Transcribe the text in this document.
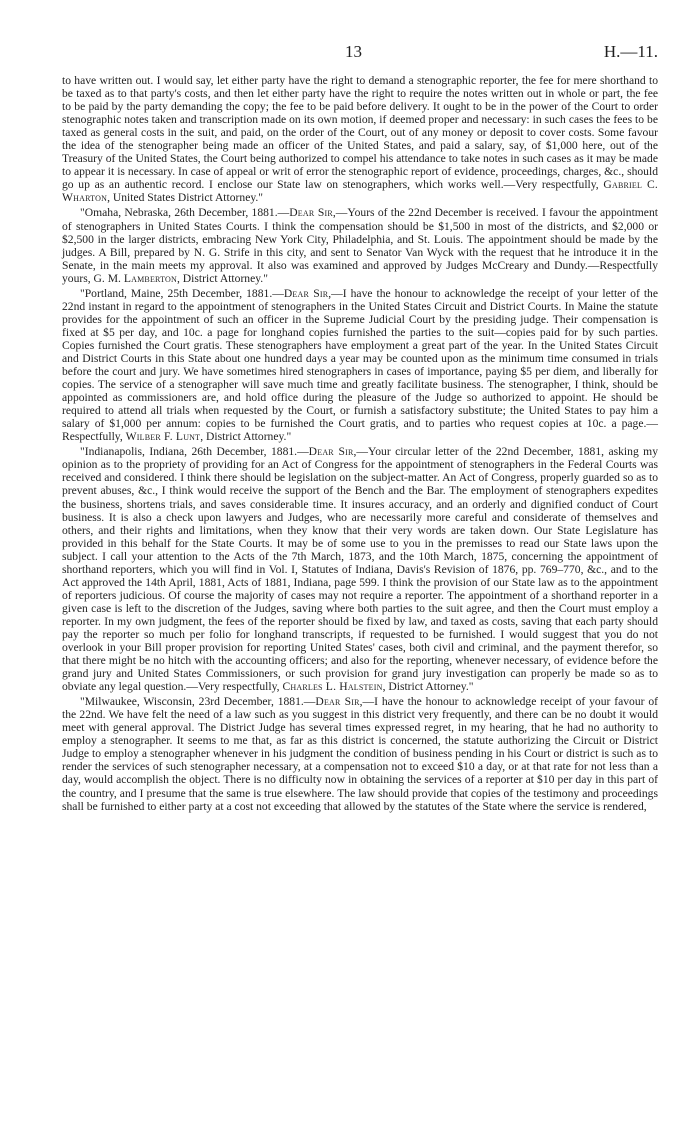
13	H.—11.

to have written out. I would say, let either party have the right to demand a stenographic reporter, the fee for mere shorthand to be taxed as to that party's costs, and then let either party have the right to require the notes written out in whole or part, the fee to be paid by the party demanding the copy; the fee to be paid before delivery. It ought to be in the power of the Court to order stenographic notes taken and transcription made on its own motion, if deemed proper and necessary: in such cases the fees to be taxed as general costs in the suit, and paid, on the order of the Court, out of any money or deposit to cover costs. Some favour the idea of the stenographer being made an officer of the United States, and paid a salary, say, of $1,000 here, out of the Treasury of the United States, the Court being authorized to compel his attendance to take notes in such cases as it may be made to appear it is necessary. In case of appeal or writ of error the stenographic report of evidence, proceedings, charges, &c., should go up as an authentic record. I enclose our State law on stenographers, which works well.—Very respectfully, Gabriel C. Wharton, United States District Attorney."

"Omaha, Nebraska, 26th December, 1881.—Dear Sir,—Yours of the 22nd December is received. I favour the appointment of stenographers in United States Courts. I think the compensation should be $1,500 in most of the districts, and $2,000 or $2,500 in the larger districts, embracing New York City, Philadelphia, and St. Louis. The appointment should be made by the judges. A Bill, prepared by N. G. Strife in this city, and sent to Senator Van Wyck with the request that he introduce it in the Senate, in the main meets my approval. It also was examined and approved by Judges McCreary and Dundy.—Respectfully yours, G. M. Lamberton, District Attorney."

"Portland, Maine, 25th December, 1881.—Dear Sir,—I have the honour to acknowledge the receipt of your letter of the 22nd instant in regard to the appointment of stenographers in the United States Circuit and District Courts. In Maine the statute provides for the appointment of such an officer in the Supreme Judicial Court by the presiding judge. Their compensation is fixed at $5 per day, and 10c. a page for longhand copies furnished the parties to the suit—copies paid for by such parties. Copies furnished the Court gratis. These stenographers have employment a great part of the year. In the United States Circuit and District Courts in this State about one hundred days a year may be counted upon as the minimum time consumed in trials before the court and jury. We have sometimes hired stenographers in cases of importance, paying $5 per diem, and liberally for copies. The service of a stenographer will save much time and greatly facilitate business. The stenographer, I think, should be appointed as commissioners are, and hold office during the pleasure of the Judge so authorized to appoint. He should be required to attend all trials when requested by the Court, or furnish a satisfactory substitute; the United States to pay him a salary of $1,000 per annum: copies to be furnished the Court gratis, and to parties who request copies at 10c. a page.—Respectfully, Wilber F. Lunt, District Attorney."

"Indianapolis, Indiana, 26th December, 1881.—Dear Sir,—Your circular letter of the 22nd December, 1881, asking my opinion as to the propriety of providing for an Act of Congress for the appointment of stenographers in the Federal Courts was received and considered. I think there should be legislation on the subject-matter. An Act of Congress, properly guarded so as to prevent abuses, &c., I think would receive the support of the Bench and the Bar. The employment of stenographers expedites the business, shortens trials, and saves considerable time. It insures accuracy, and an orderly and dignified conduct of Court business. It is also a check upon lawyers and Judges, who are necessarily more careful and considerate of themselves and others, and their rights and limitations, when they know that their very words are taken down. Our State Legislature has provided in this behalf for the State Courts. It may be of some use to you in the premisses to read our State laws upon the subject. I call your attention to the Acts of the 7th March, 1873, and the 10th March, 1875, concerning the appointment of shorthand reporters, which you will find in Vol. I, Statutes of Indiana, Davis's Revision of 1876, pp. 769–770, &c., and to the Act approved the 14th April, 1881, Acts of 1881, Indiana, page 599. I think the provision of our State law as to the appointment of reporters judicious. Of course the majority of cases may not require a reporter. The appointment of a shorthand reporter in a given case is left to the discretion of the Judges, saving where both parties to the suit agree, and then the Court must employ a reporter. In my own judgment, the fees of the reporter should be fixed by law, and taxed as costs, saving that each party should pay the reporter so much per folio for longhand transcripts, if requested to be furnished. I would suggest that you do not overlook in your Bill proper provision for reporting United States' cases, both civil and criminal, and the payment therefor, so that there might be no hitch with the accounting officers; and also for the reporting, whenever necessary, of evidence before the grand jury and United States Commissioners, or such provision for grand jury investigation can properly be made so as to obviate any legal question.—Very respectfully, Charles L. Halstein, District Attorney."

"Milwaukee, Wisconsin, 23rd December, 1881.—Dear Sir,—I have the honour to acknowledge receipt of your favour of the 22nd. We have felt the need of a law such as you suggest in this district very frequently, and there can be no doubt it would meet with general approval. The District Judge has several times expressed regret, in my hearing, that he had no authority to employ a stenographer. It seems to me that, as far as this district is concerned, the statute authorizing the Circuit or District Judge to employ a stenographer whenever in his judgment the condition of business pending in his Court or district is such as to render the services of such stenographer necessary, at a compensation not to exceed $10 a day, or at that rate for not less than a day, would accomplish the object. There is no difficulty now in obtaining the services of a reporter at $10 per day in this part of the country, and I presume that the same is true elsewhere. The law should provide that copies of the testimony and proceedings shall be furnished to either party at a cost not exceeding that allowed by the statutes of the State where the service is rendered,
